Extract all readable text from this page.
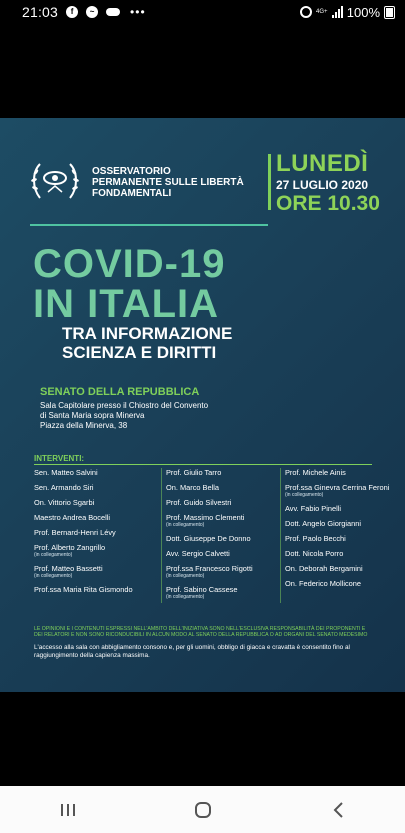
21:03	f	~	•••	4G+ 100%
OSSERVATORIO
PERMANENTE SULLE LIBERTÀ
FONDAMENTALI
LUNEDÌ
27 LUGLIO 2020
ORE 10.30
COVID-19
IN ITALIA
TRA INFORMAZIONE
SCIENZA E DIRITTI
SENATO DELLA REPUBBLICA
Sala Capitolare presso il Chiostro del Convento
di Santa Maria sopra Minerva
Piazza della Minerva, 38
INTERVENTI:
Sen. Matteo Salvini
Sen. Armando Siri
On. Vittorio Sgarbi
Maestro Andrea Bocelli
Prof. Bernard-Henri Lévy
Prof. Alberto Zangrillo
(in collegamento)
Prof. Matteo Bassetti
(in collegamento)
Prof.ssa Maria Rita Gismondo
Prof. Giulio Tarro
On. Marco Bella
Prof. Guido Silvestri
Prof. Massimo Clementi
(in collegamento)
Dott. Giuseppe De Donno
Avv. Sergio Calvetti
Prof.ssa Francesco Rigotti
(in collegamento)
Prof. Sabino Cassese
(in collegamento)
Prof. Michele Ainis
Prof.ssa Ginevra Cerrina Feroni
(in collegamento)
Avv. Fabio Pinelli
Dott. Angelo Giorgianni
Prof. Paolo Becchi
Dott. Nicola Porro
On. Deborah Bergamini
On. Federico Mollicone
LE OPINIONI E I CONTENUTI ESPRESSI NELL'AMBITO DELL'INIZIATIVA SONO NELL'ESCLUSIVA RESPONSABILITÀ DEI PROPONENTI E DEI RELATORI E NON SONO RICONDUCIBILI IN ALCUN MODO AL SENATO DELLA REPUBBLICA O AD ORGANI DEL SENATO MEDESIMO
L'accesso alla sala con abbigliamento consono e, per gli uomini, obbligo di giacca e cravatta è consentito fino al raggiungimento della capienza massima.
